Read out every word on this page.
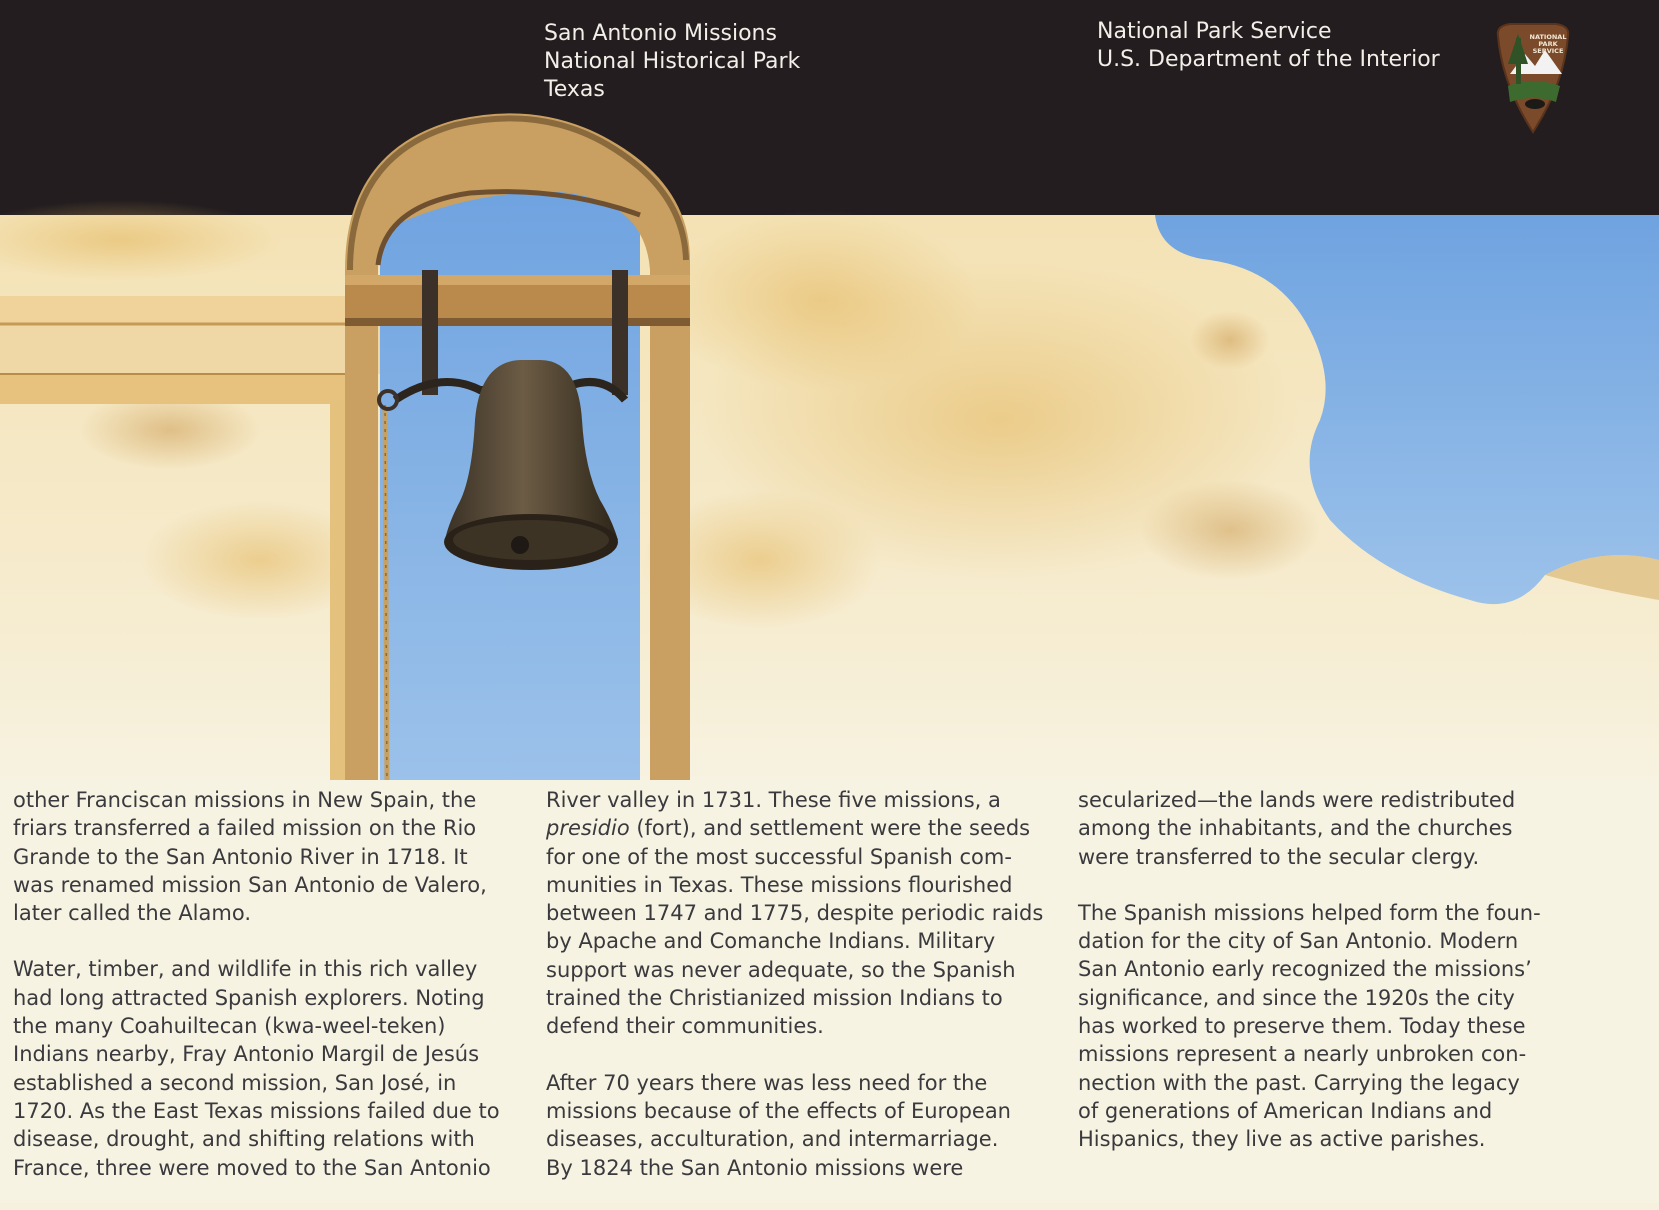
San Antonio Missions
National Historical Park
Texas
National Park Service
U.S. Department of the Interior
NATIONAL
PARK
SERVICE

other Franciscan missions in New Spain, the
friars transferred a failed mission on the Rio
Grande to the San Antonio River in 1718. It
was renamed mission San Antonio de Valero,
later called the Alamo.

Water, timber, and wildlife in this rich valley
had long attracted Spanish explorers. Noting
the many Coahuiltecan (kwa-weel-teken)
Indians nearby, Fray Antonio Margil de Jesús
established a second mission, San José, in
1720. As the East Texas missions failed due to
disease, drought, and shifting relations with
France, three were moved to the San Antonio

River valley in 1731. These five missions, a
presidio (fort), and settlement were the seeds
for one of the most successful Spanish com-
munities in Texas. These missions flourished
between 1747 and 1775, despite periodic raids
by Apache and Comanche Indians. Military
support was never adequate, so the Spanish
trained the Christianized mission Indians to
defend their communities.

After 70 years there was less need for the
missions because of the effects of European
diseases, acculturation, and intermarriage.
By 1824 the San Antonio missions were

secularized—the lands were redistributed
among the inhabitants, and the churches
were transferred to the secular clergy.

The Spanish missions helped form the foun-
dation for the city of San Antonio. Modern
San Antonio early recognized the missions’
significance, and since the 1920s the city
has worked to preserve them. Today these
missions represent a nearly unbroken con-
nection with the past. Carrying the legacy
of generations of American Indians and
Hispanics, they live as active parishes.
